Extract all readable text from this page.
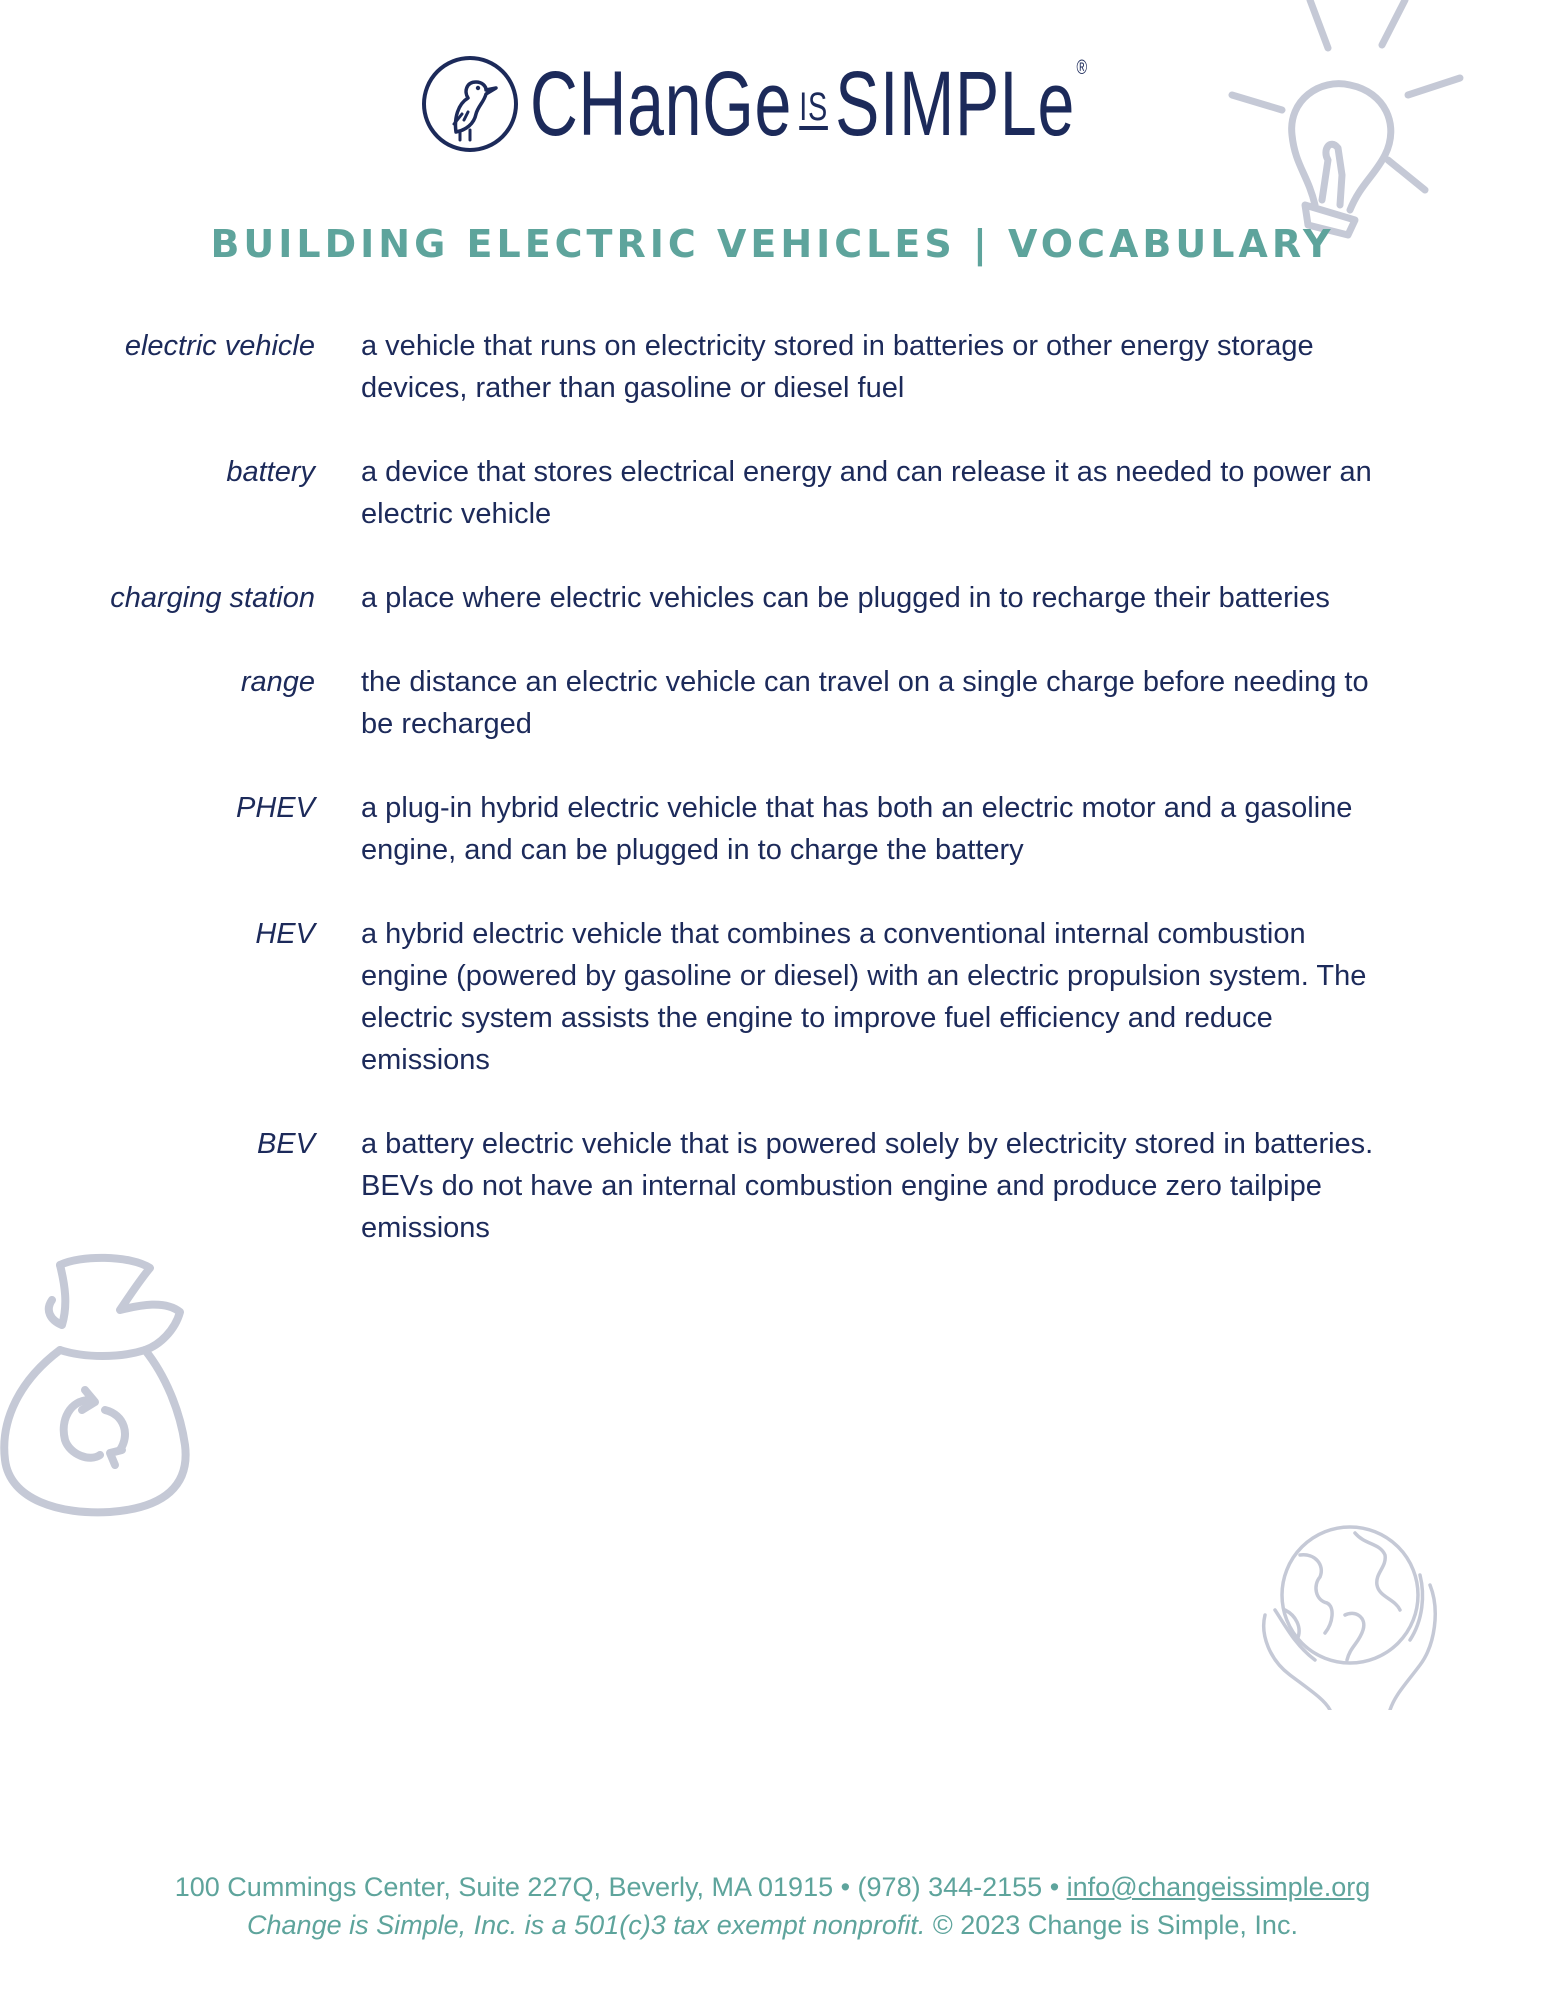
CHanGe ISSIMPLe®
BUILDING ELECTRIC VEHICLES | VOCABULARY
electric vehicle a vehicle that runs on electricity stored in batteries or other energy storage devices, rather than gasoline or diesel fuel
battery a device that stores electrical energy and can release it as needed to power an electric vehicle
charging station a place where electric vehicles can be plugged in to recharge their batteries
range the distance an electric vehicle can travel on a single charge before needing to be recharged
PHEV a plug-in hybrid electric vehicle that has both an electric motor and a gasoline engine, and can be plugged in to charge the battery
HEV a hybrid electric vehicle that combines a conventional internal combustion engine (powered by gasoline or diesel) with an electric propulsion system. The electric system assists the engine to improve fuel efficiency and reduce emissions
BEV a battery electric vehicle that is powered solely by electricity stored in batteries. BEVs do not have an internal combustion engine and produce zero tailpipe emissions
100 Cummings Center, Suite 227Q, Beverly, MA 01915 • (978) 344-2155 • info@changeissimple.org
Change is Simple, Inc. is a 501(c)3 tax exempt nonprofit. © 2023 Change is Simple, Inc.
